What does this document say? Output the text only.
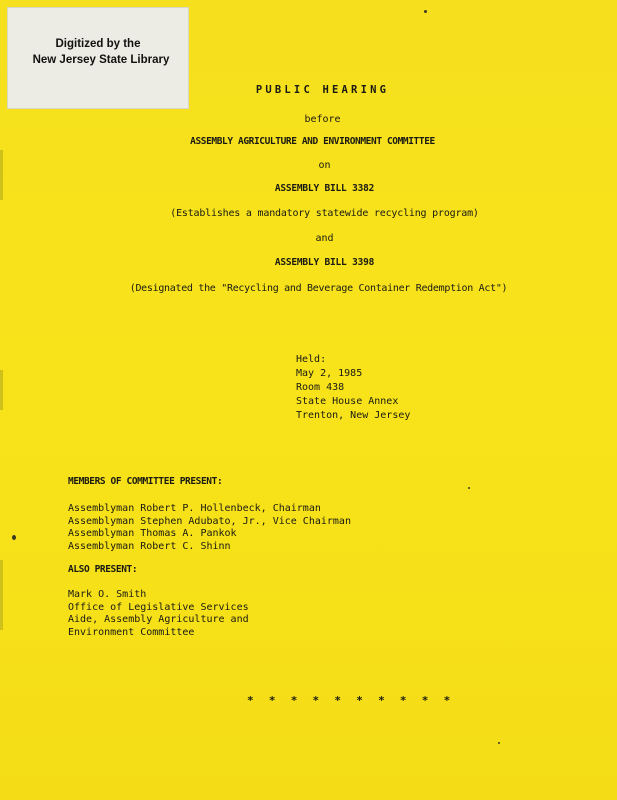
Digitized by the
New Jersey State Library
PUBLIC HEARING
before
ASSEMBLY AGRICULTURE AND ENVIRONMENT COMMITTEE
on
ASSEMBLY BILL 3382
(Establishes a mandatory statewide recycling program)
and
ASSEMBLY BILL 3398
(Designated the "Recycling and Beverage Container Redemption Act")
Held:
May 2, 1985
Room 438
State House Annex
Trenton, New Jersey
MEMBERS OF COMMITTEE PRESENT:
Assemblyman Robert P. Hollenbeck, Chairman
Assemblyman Stephen Adubato, Jr., Vice Chairman
Assemblyman Thomas A. Pankok
Assemblyman Robert C. Shinn
ALSO PRESENT:
Mark O. Smith
Office of Legislative Services
Aide, Assembly Agriculture and
Environment Committee
* * * * * * * * * *
